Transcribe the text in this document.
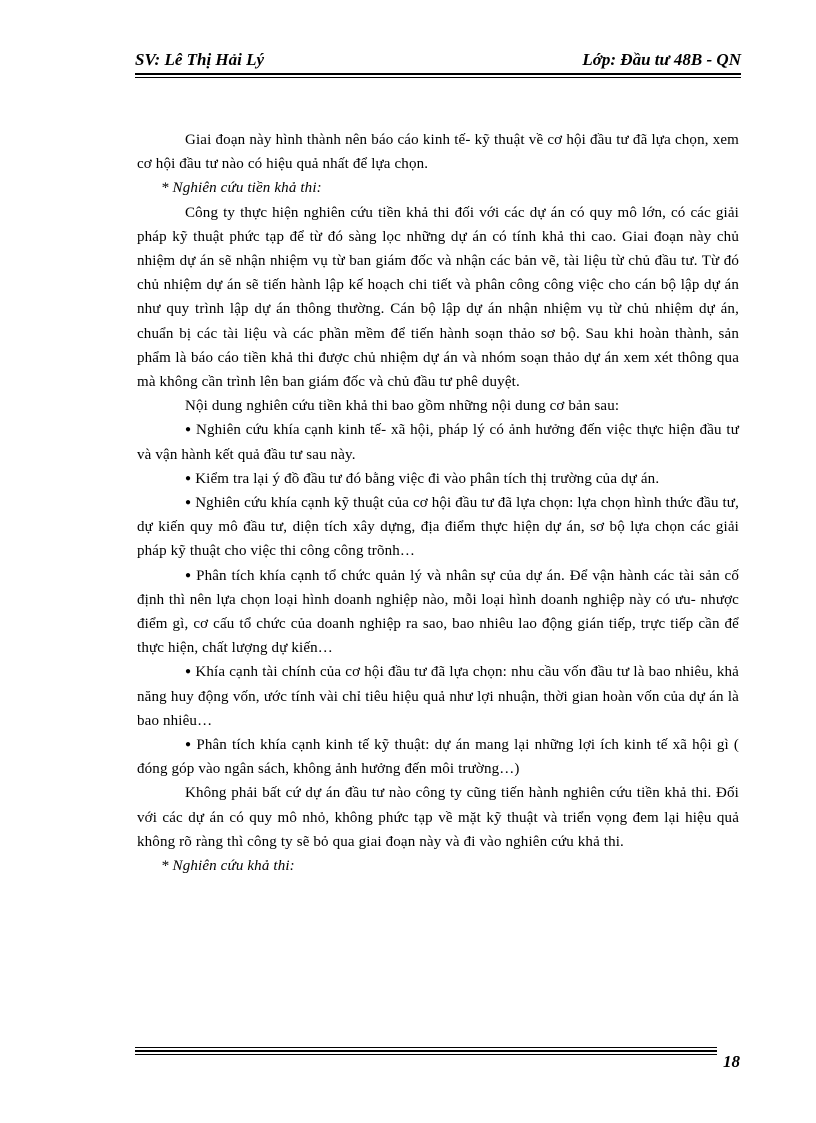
SV: Lê Thị Hải Lý	Lớp: Đầu tư 48B - QN

Giai đoạn này hình thành nên báo cáo kinh tế- kỹ thuật về cơ hội đầu tư đã lựa chọn, xem cơ hội đầu tư nào có hiệu quả nhất để lựa chọn.

* Nghiên cứu tiền khả thi:

Công ty thực hiện nghiên cứu tiền khả thi đối với các dự án có quy mô lớn, có các giải pháp kỹ thuật phức tạp để từ đó sàng lọc những dự án có tính khả thi cao. Giai đoạn này chủ nhiệm dự án sẽ nhận nhiệm vụ từ ban giám đốc và nhận các bản vẽ, tài liệu từ chủ đầu tư. Từ đó chủ nhiệm dự án sẽ tiến hành lập kế hoạch chi tiết và phân công công việc cho cán bộ lập dự án như quy trình lập dự án thông thường. Cán bộ lập dự án nhận nhiệm vụ từ chủ nhiệm dự án, chuẩn bị các tài liệu và các phần mềm để tiến hành soạn thảo sơ bộ. Sau khi hoàn thành, sản phẩm là báo cáo tiền khả thi được chủ nhiệm dự án và nhóm soạn thảo dự án xem xét thông qua mà không cần trình lên ban giám đốc và chủ đầu tư phê duyệt.

Nội dung nghiên cứu tiền khả thi bao gồm những nội dung cơ bản sau:

● Nghiên cứu khía cạnh kinh tế- xã hội, pháp lý có ảnh hưởng đến việc thực hiện đầu tư và vận hành kết quả đầu tư sau này.

● Kiểm tra lại ý đồ đầu tư đó bằng việc đi vào phân tích thị trường của dự án.

● Nghiên cứu khía cạnh kỹ thuật của cơ hội đầu tư đã lựa chọn: lựa chọn hình thức đầu tư, dự kiến quy mô đầu tư, diện tích xây dựng, địa điểm thực hiện dự án, sơ bộ lựa chọn các giải pháp kỹ thuật cho việc thi công công trõnh…

● Phân tích khía cạnh tổ chức quản lý và nhân sự của dự án. Để vận hành các tài sản cố định thì nên lựa chọn loại hình doanh nghiệp nào, mỗi loại hình doanh nghiệp này có ưu- nhược điểm gì, cơ cấu tổ chức của doanh nghiệp ra sao, bao nhiêu lao động gián tiếp, trực tiếp cần để thực hiện, chất lượng dự kiến…

● Khía cạnh tài chính của cơ hội đầu tư đã lựa chọn: nhu cầu vốn đầu tư là bao nhiêu, khả năng huy động vốn, ước tính vài chỉ tiêu hiệu quả như lợi nhuận, thời gian hoàn vốn của dự án là bao nhiêu…

● Phân tích khía cạnh kinh tế kỹ thuật: dự án mang lại những lợi ích kinh tế xã hội gì ( đóng góp vào ngân sách, không ảnh hưởng đến môi trường…)

Không phải bất cứ dự án đầu tư nào công ty cũng tiến hành nghiên cứu tiền khả thi. Đối với các dự án có quy mô nhỏ, không phức tạp về mặt kỹ thuật và triển vọng đem lại hiệu quả không rõ ràng thì công ty sẽ bỏ qua giai đoạn này và đi vào nghiên cứu khả thi.

* Nghiên cứu khả thi:

18
